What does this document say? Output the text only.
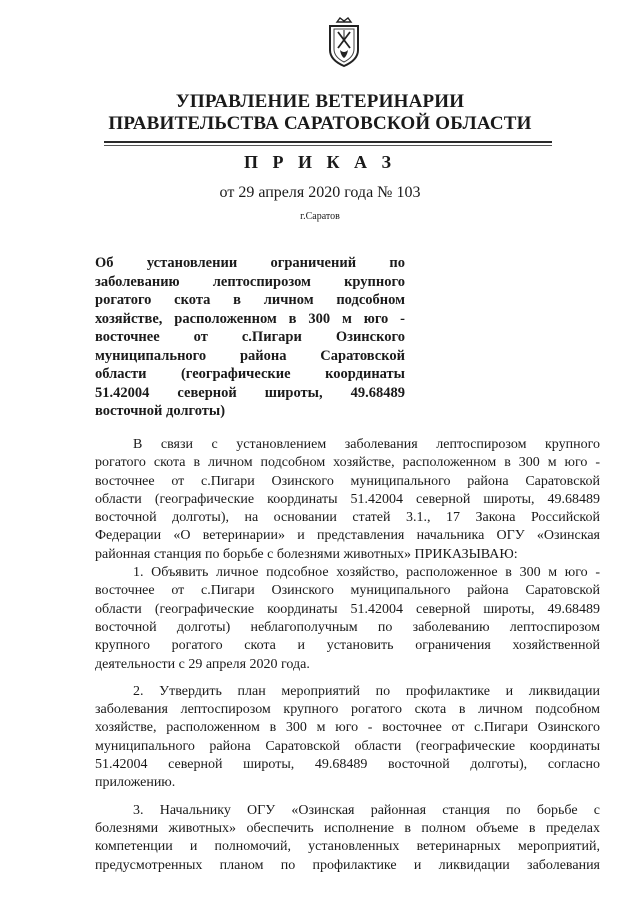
УПРАВЛЕНИЕ ВЕТЕРИНАРИИ
ПРАВИТЕЛЬСТВА САРАТОВСКОЙ ОБЛАСТИ
П Р И К А З
от 29 апреля 2020 года № 103
г.Саратов
Об установлении ограничений по
заболеванию лептоспирозом крупного
рогатого скота в личном подсобном
хозяйстве, расположенном в 300 м юго -
восточнее от с.Пигари Озинского
муниципального района Саратовской
области (географические координаты
51.42004 северной широты, 49.68489
восточной долготы)

В связи с установлением заболевания лептоспирозом крупного
рогатого скота в личном подсобном хозяйстве, расположенном в 300 м юго -
восточнее от с.Пигари Озинского муниципального района Саратовской
области (географические координаты 51.42004 северной широты, 49.68489
восточной долготы), на основании статей 3.1., 17 Закона Российской
Федерации «О ветеринарии» и представления начальника ОГУ «Озинская
районная станция по борьбе с болезнями животных» ПРИКАЗЫВАЮ:

1. Объявить личное подсобное хозяйство, расположенное в 300 м юго -
восточнее от с.Пигари Озинского муниципального района Саратовской
области (географические координаты 51.42004 северной широты, 49.68489
восточной долготы) неблагополучным по заболеванию лептоспирозом
крупного рогатого скота и установить ограничения хозяйственной
деятельности с 29 апреля 2020 года.

2. Утвердить план мероприятий по профилактике и ликвидации
заболевания лептоспирозом крупного рогатого скота в личном подсобном
хозяйстве, расположенном в 300 м юго - восточнее от с.Пигари Озинского
муниципального района Саратовской области (географические координаты
51.42004 северной широты, 49.68489 восточной долготы), согласно
приложению.

3. Начальнику ОГУ «Озинская районная станция по борьбе с
болезнями животных» обеспечить исполнение в полном объеме в пределах
компетенции и полномочий, установленных ветеринарных мероприятий,
предусмотренных планом по профилактике и ликвидации заболевания
